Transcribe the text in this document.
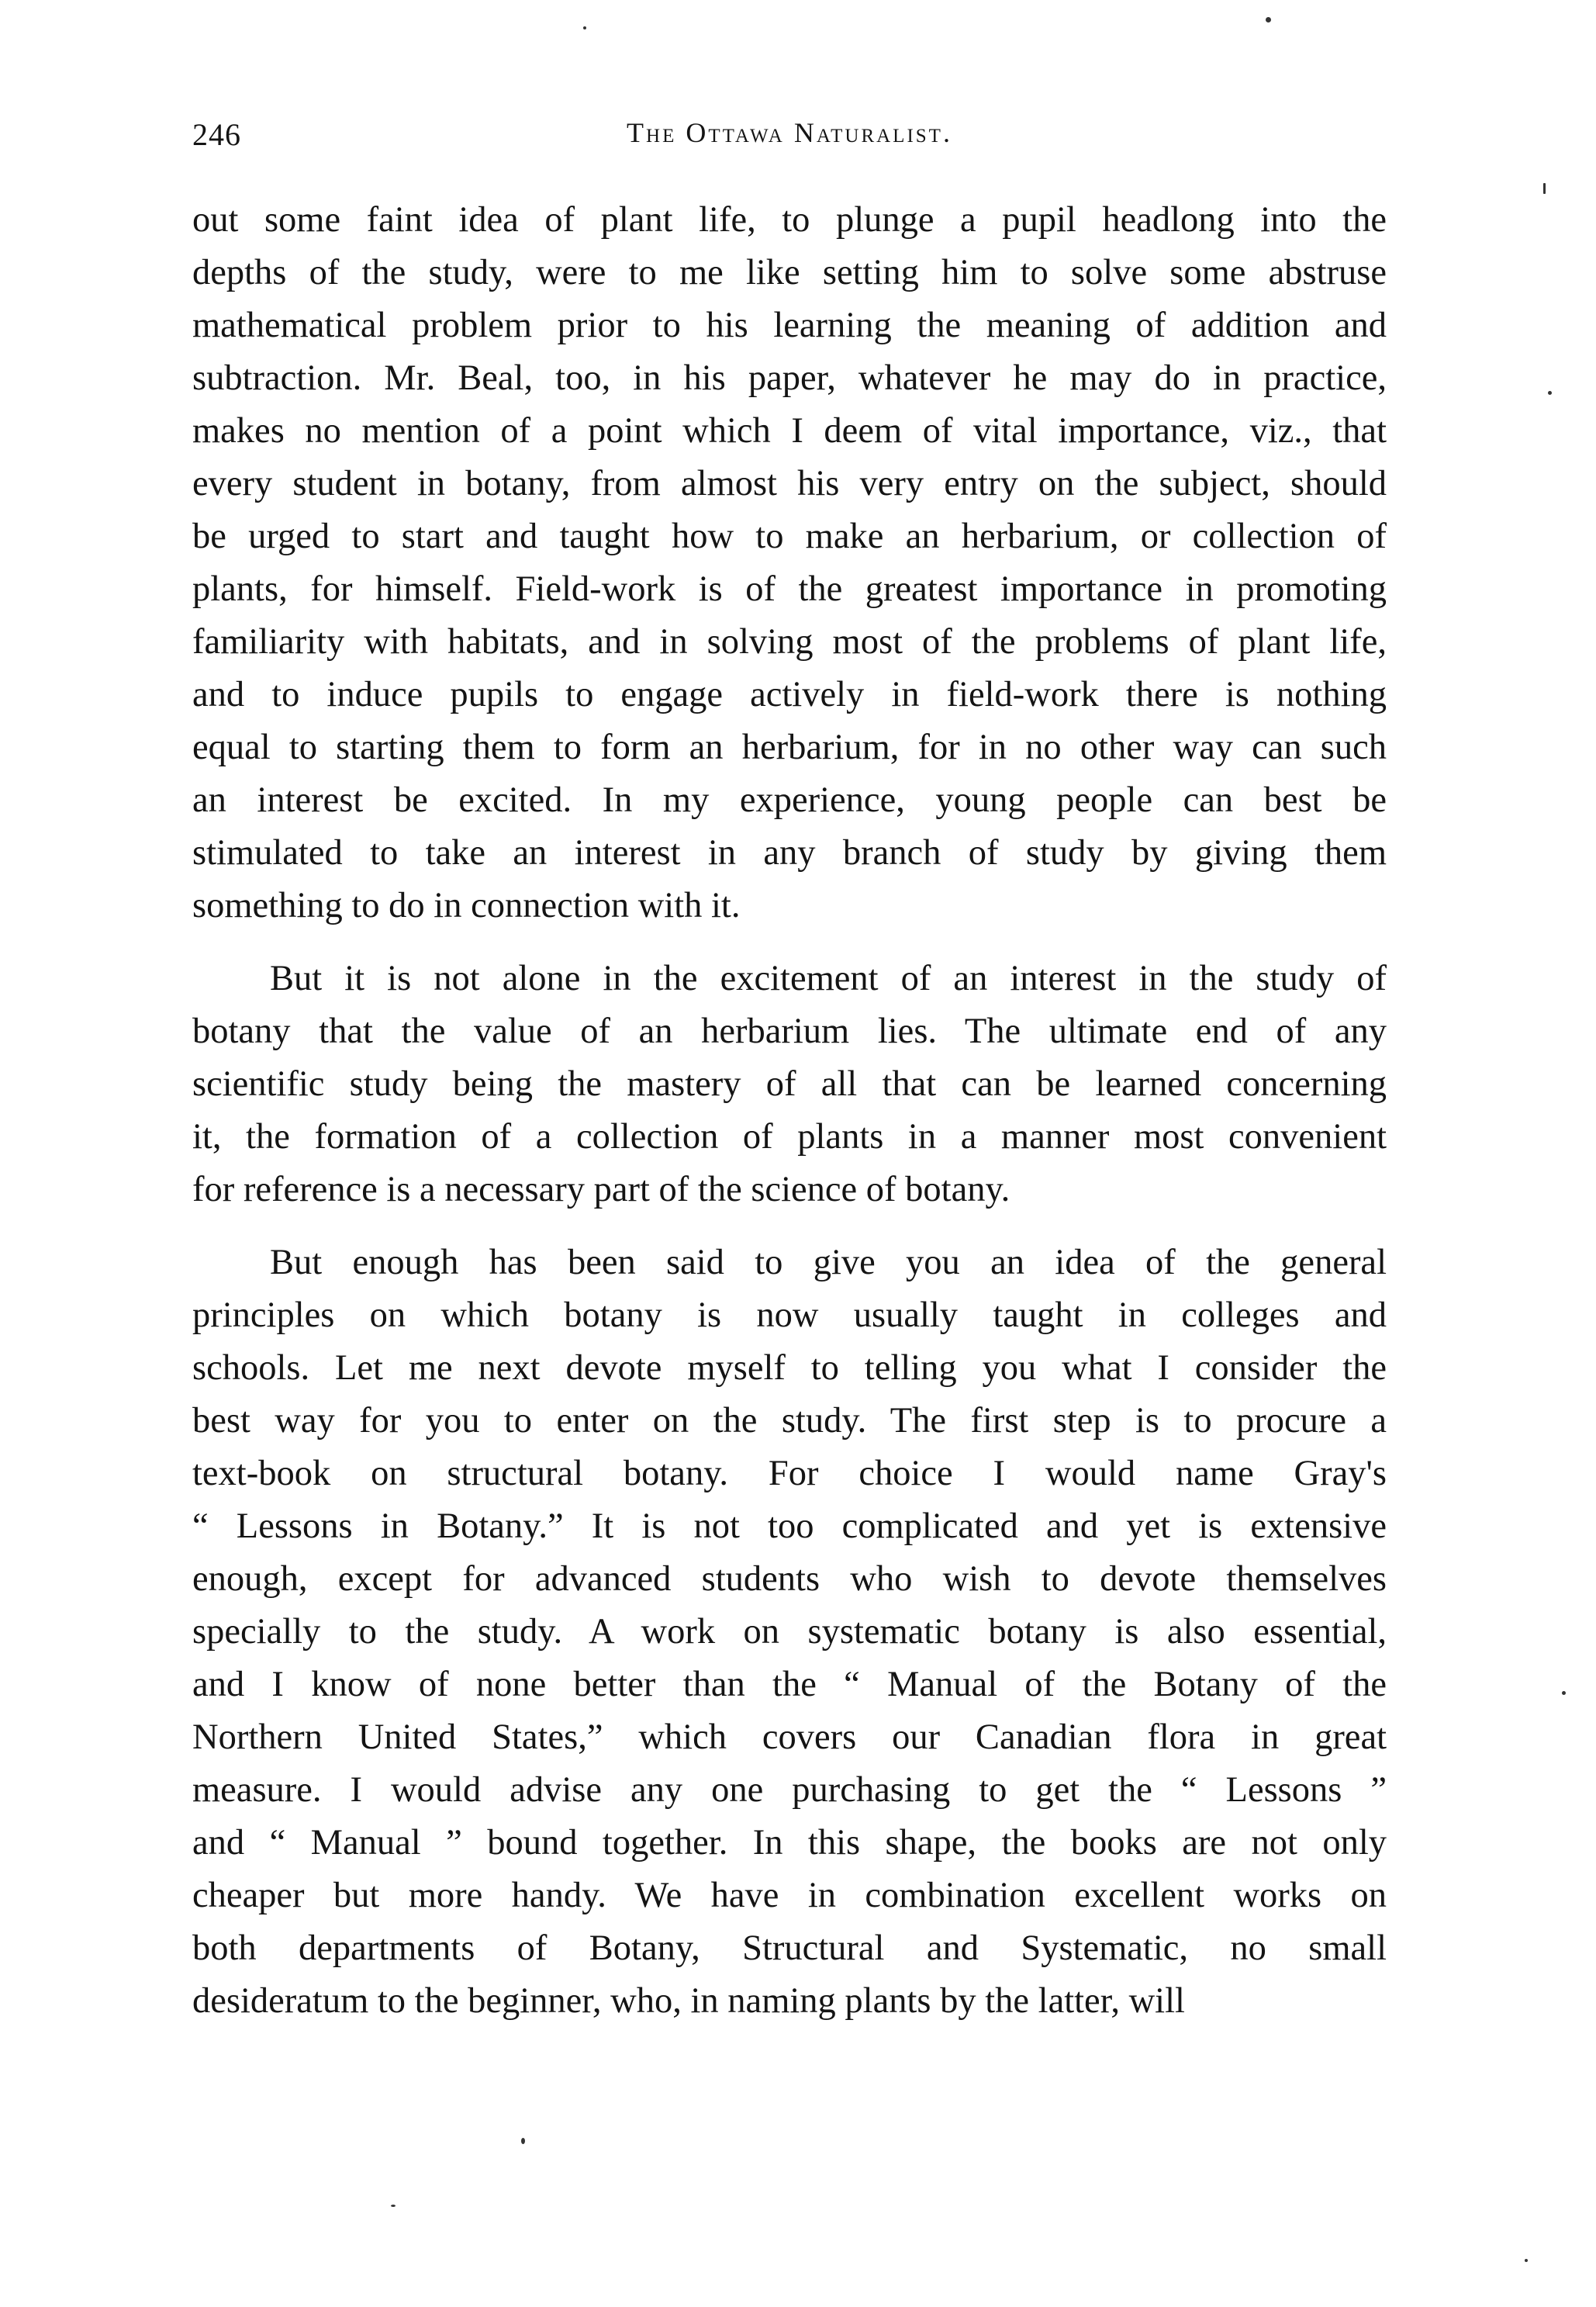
246	The Ottawa Naturalist.
out some faint idea of plant life, to plunge a pupil headlong into the
depths of the study, were to me like setting him to solve some abstruse
mathematical problem prior to his learning the meaning of addition and
subtraction. Mr. Beal, too, in his paper, whatever he may do in practice,
makes no mention of a point which I deem of vital importance, viz., that
every student in botany, from almost his very entry on the subject, should
be urged to start and taught how to make an herbarium, or collection of
plants, for himself. Field-work is of the greatest importance in promoting
familiarity with habitats, and in solving most of the problems of plant life,
and to induce pupils to engage actively in field-work there is nothing
equal to starting them to form an herbarium, for in no other way can such
an interest be excited. In my experience, young people can best be
stimulated to take an interest in any branch of study by giving them
something to do in connection with it.
But it is not alone in the excitement of an interest in the study of
botany that the value of an herbarium lies. The ultimate end of any
scientific study being the mastery of all that can be learned concerning
it, the formation of a collection of plants in a manner most convenient
for reference is a necessary part of the science of botany.
But enough has been said to give you an idea of the general
principles on which botany is now usually taught in colleges and
schools. Let me next devote myself to telling you what I consider the
best way for you to enter on the study. The first step is to procure a
text-book on structural botany. For choice I would name Gray's
“ Lessons in Botany.” It is not too complicated and yet is extensive
enough, except for advanced students who wish to devote themselves
specially to the study. A work on systematic botany is also essential,
and I know of none better than the “ Manual of the Botany of the
Northern United States,” which covers our Canadian flora in great
measure. I would advise any one purchasing to get the “ Lessons ”
and “ Manual ” bound together. In this shape, the books are not only
cheaper but more handy. We have in combination excellent works on
both departments of Botany, Structural and Systematic, no small
desideratum to the beginner, who, in naming plants by the latter, will
